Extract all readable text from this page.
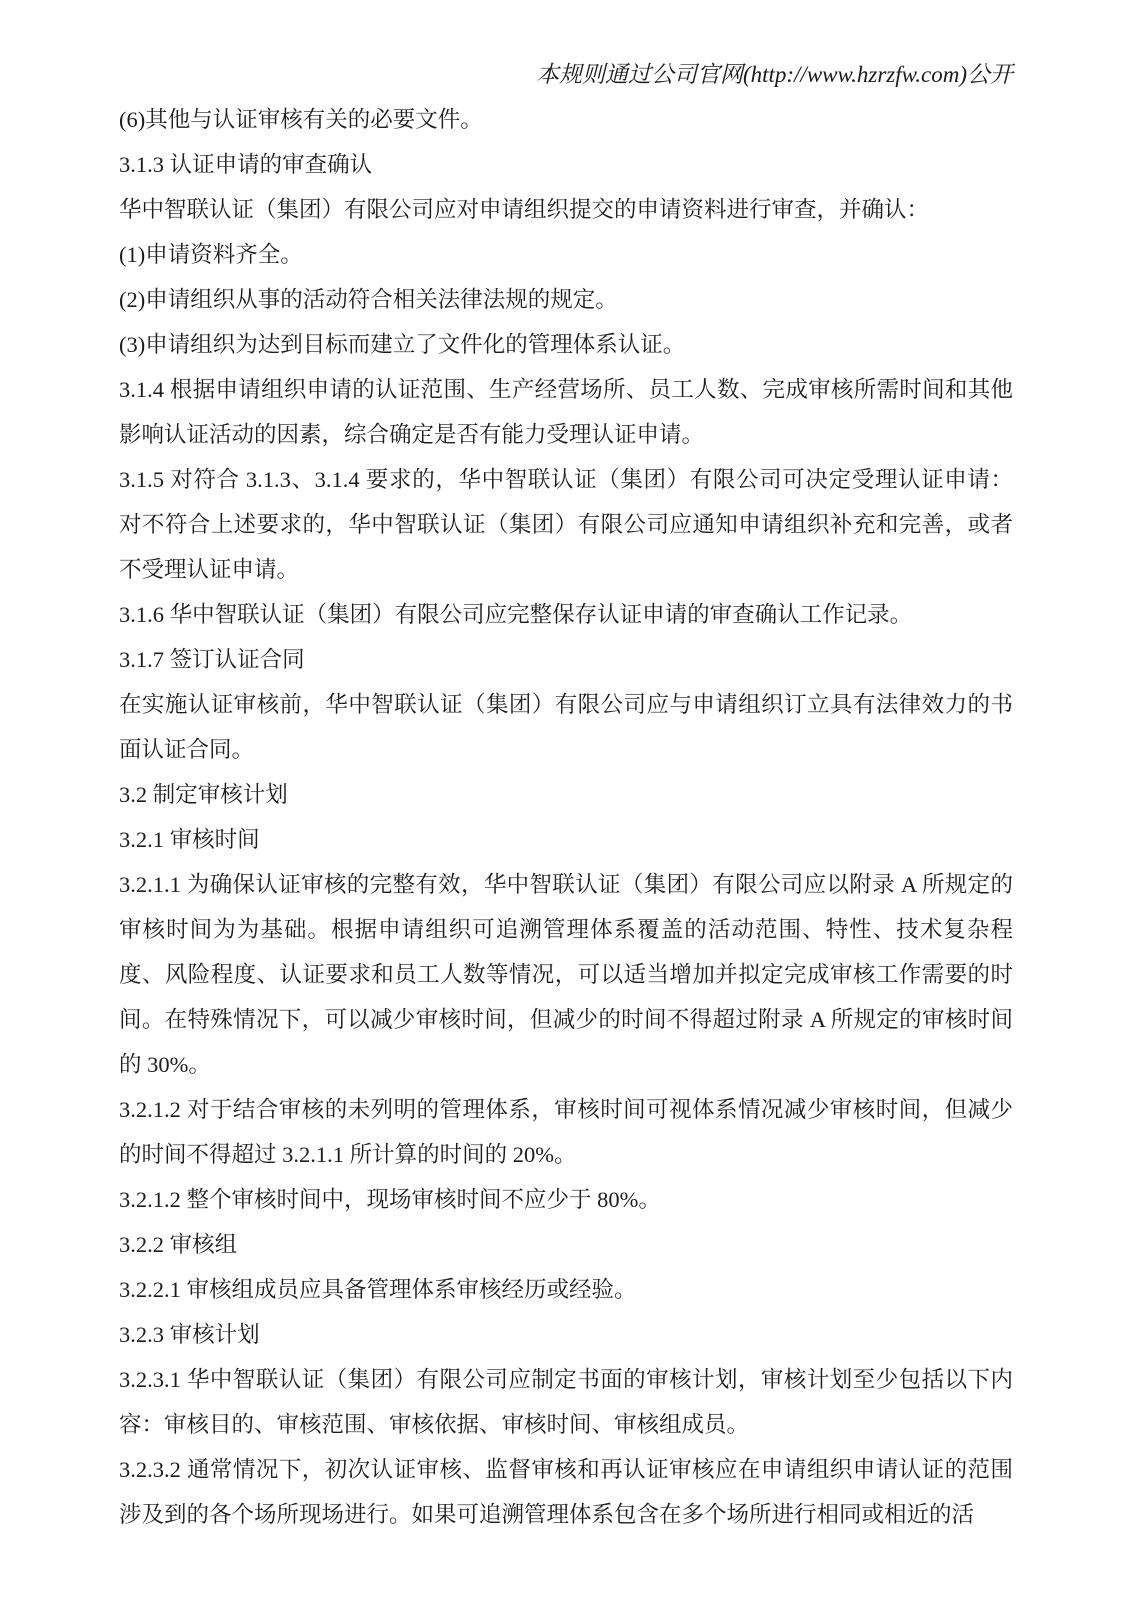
本规则通过公司官网(http://www.hzrzfw.com)公开

(6)其他与认证审核有关的必要文件。

3.1.3 认证申请的审查确认

华中智联认证（集团）有限公司应对申请组织提交的申请资料进行审查，并确认：

(1)申请资料齐全。

(2)申请组织从事的活动符合相关法律法规的规定。

(3)申请组织为达到目标而建立了文件化的管理体系认证。

3.1.4 根据申请组织申请的认证范围、生产经营场所、员工人数、完成审核所需时间和其他影响认证活动的因素，综合确定是否有能力受理认证申请。

3.1.5 对符合 3.1.3、3.1.4 要求的，华中智联认证（集团）有限公司可决定受理认证申请：对不符合上述要求的，华中智联认证（集团）有限公司应通知申请组织补充和完善，或者不受理认证申请。

3.1.6 华中智联认证（集团）有限公司应完整保存认证申请的审查确认工作记录。

3.1.7 签订认证合同

在实施认证审核前，华中智联认证（集团）有限公司应与申请组织订立具有法律效力的书面认证合同。

3.2 制定审核计划

3.2.1 审核时间

3.2.1.1 为确保认证审核的完整有效，华中智联认证（集团）有限公司应以附录 A 所规定的审核时间为为基础。根据申请组织可追溯管理体系覆盖的活动范围、特性、技术复杂程度、风险程度、认证要求和员工人数等情况，可以适当增加并拟定完成审核工作需要的时间。在特殊情况下，可以减少审核时间，但减少的时间不得超过附录 A 所规定的审核时间的 30%。

3.2.1.2 对于结合审核的未列明的管理体系，审核时间可视体系情况减少审核时间，但减少的时间不得超过 3.2.1.1 所计算的时间的 20%。

3.2.1.2 整个审核时间中，现场审核时间不应少于 80%。

3.2.2 审核组

3.2.2.1 审核组成员应具备管理体系审核经历或经验。

3.2.3 审核计划

3.2.3.1 华中智联认证（集团）有限公司应制定书面的审核计划，审核计划至少包括以下内容：审核目的、审核范围、审核依据、审核时间、审核组成员。

3.2.3.2 通常情况下，初次认证审核、监督审核和再认证审核应在申请组织申请认证的范围涉及到的各个场所现场进行。如果可追溯管理体系包含在多个场所进行相同或相近的活
